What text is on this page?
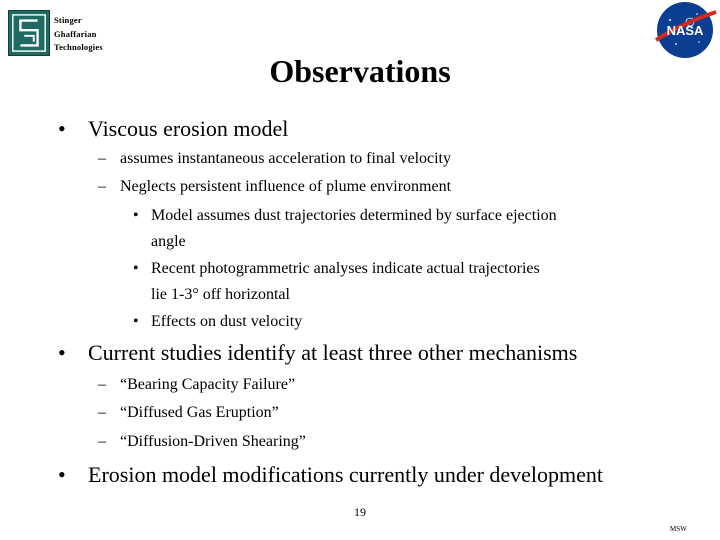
Stinger
Ghaffarian
Technologies
NASA
Observations
• Viscous erosion model
– assumes instantaneous acceleration to final velocity
– Neglects persistent influence of plume environment
• Model assumes dust trajectories determined by surface ejection
angle
• Recent photogrammetric analyses indicate actual trajectories
lie 1-3° off horizontal
• Effects on dust velocity
• Current studies identify at least three other mechanisms
– “Bearing Capacity Failure”
– “Diffused Gas Eruption”
– “Diffusion-Driven Shearing”
• Erosion model modifications currently under development
19
MSW
